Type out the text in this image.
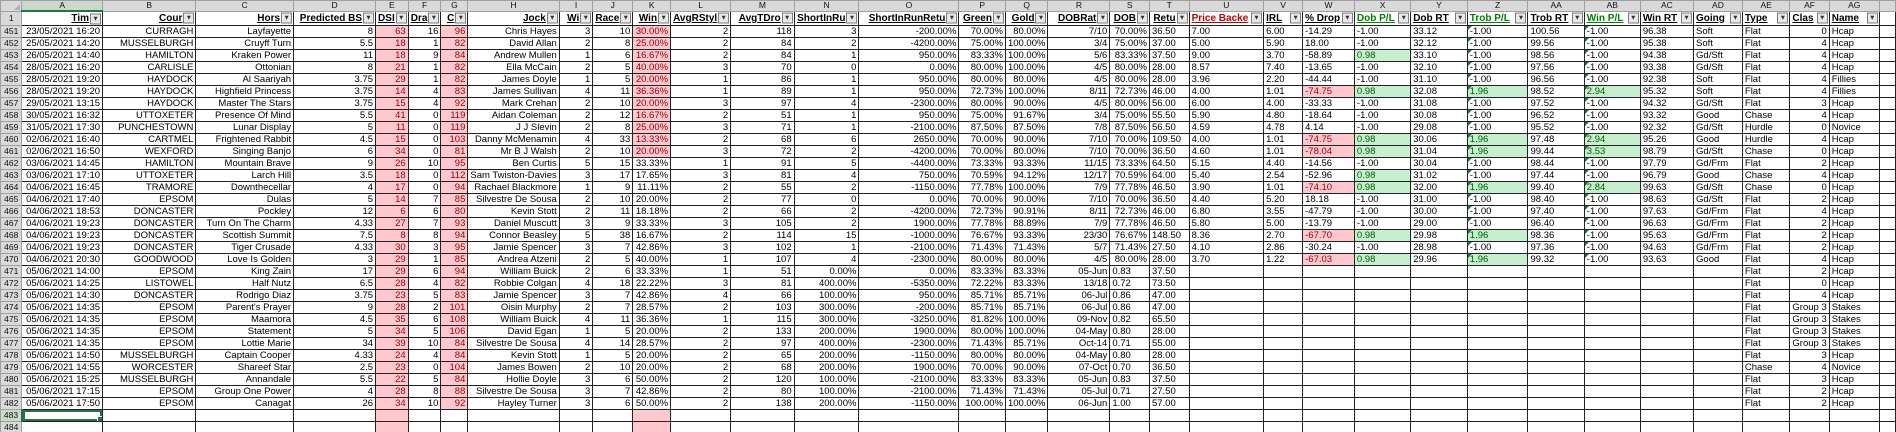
	A	B	C	D	E	F	G	H	I	J	K	L	M	N	O	P	Q	R	S	T	U	V	W	X	Y	Z	AA	AB	AC	AD	AE	AF	AG	
1	Tim ▾	Cour ▾	Hors ▾	Predicted BS ▾	DSI ▾	Dra ▾	C ▾	Jock ▾	Wi ▾	Race ▾	Win ▾	AvgRStyl ▾	AvgTDro ▾	ShortInRu ▾	ShortInRunRetu ▾	Green ▾	Gold ▾	DOBRat ▾	DOB ▾	Retu ▾	Price Backe ▾	IRL ▾	% Drop ▾	Dob P/L ▾	Dob RT ▾	Trob P/L ▾	Trob RT ▾	Win P/L ▾	Win RT ▾	Going ▾	Type ▾	Clas ▾	Name ▾	

451	23/05/2021 16:20	CURRAGH	Layfayette	8	63	16	96	Chris Hayes	3	10	30.00%	2	118	3	-200.00%	70.00%	80.00%	7/10	70.00%	36.50	7.00	6.00	-14.29	-1.00	33.12	-1.00	100.56	-1.00	96.38	Soft	Flat	0	Hcap	
452	25/05/2021 14:20	MUSSELBURGH	Cruyff Turn	5.5	18	1	82	David Allan	2	8	25.00%	2	84	2	-4200.00%	75.00%	100.00%	3/4	75.00%	37.00	5.00	5.90	18.00	-1.00	32.12	-1.00	99.56	-1.00	95.38	Soft	Flat	4	Hcap	
453	26/05/2021 14:40	HAMILTON	Kraken Power	11	18	9	84	Andrew Mullen	1	6	16.67%	2	84	1	950.00%	83.33%	100.00%	5/6	83.33%	37.50	9.00	3.70	-58.89	0.98	33.10	-1.00	98.56	-1.00	94.38	Gd/Sft	Flat	4	Hcap	
454	28/05/2021 16:20	CARLISLE	Ottonian	8	21	1	82	Ella McCain	2	5	40.00%	3	70	0	0.00%	80.00%	100.00%	4/5	80.00%	28.00	8.57	7.40	-13.65	-1.00	32.10	-1.00	97.56	-1.00	93.38	Gd/Sft	Flat	4	Hcap	
455	28/05/2021 19:20	HAYDOCK	Al Saariyah	3.75	29	1	82	James Doyle	1	5	20.00%	1	86	1	950.00%	80.00%	80.00%	4/5	80.00%	28.00	3.96	2.20	-44.44	-1.00	31.10	-1.00	96.56	-1.00	92.38	Soft	Flat	4	Fillies	
456	28/05/2021 19:20	HAYDOCK	Highfield Princess	3.75	14	4	83	James Sullivan	4	11	36.36%	1	89	1	950.00%	72.73%	100.00%	8/11	72.73%	46.00	4.00	1.01	-74.75	0.98	32.08	1.96	98.52	2.94	95.32	Soft	Flat	4	Fillies	
457	29/05/2021 13:15	HAYDOCK	Master The Stars	3.75	15	4	92	Mark Crehan	2	10	20.00%	3	97	4	-2300.00%	80.00%	90.00%	4/5	80.00%	56.00	6.00	4.00	-33.33	-1.00	31.08	-1.00	97.52	-1.00	94.32	Gd/Sft	Flat	3	Hcap	
458	30/05/2021 16:32	UTTOXETER	Presence Of Mind	5.5	41	0	119	Aidan Coleman	2	12	16.67%	2	51	1	950.00%	75.00%	91.67%	3/4	75.00%	55.50	5.90	4.80	-18.64	-1.00	30.08	-1.00	96.52	-1.00	93.32	Good	Chase	4	Hcap	
459	31/05/2021 17:30	PUNCHESTOWN	Lunar Display	5	11	0	119	J J Slevin	2	8	25.00%	3	71	1	-2100.00%	87.50%	87.50%	7/8	87.50%	56.50	4.59	4.78	4.14	-1.00	29.08	-1.00	95.52	-1.00	92.32	Gd/Sft	Hurdle	0	Novice	
460	02/06/2021 16:40	CARTMEL	Frightened Rabbit	4.5	15	0	103	Danny McMenamin	4	33	13.33%	2	68	6	2650.00%	70.00%	90.00%	7/10	70.00%	109.50	4.00	1.01	-74.75	0.98	30.06	1.96	97.48	2.94	95.26	Good	Hurdle	4	Hcap	
461	02/06/2021 16:50	WEXFORD	Singing Banjo	6	34	0	81	Mr B J Walsh	2	10	20.00%	3	72	2	-4200.00%	70.00%	80.00%	7/10	70.00%	36.50	4.60	1.01	-78.04	0.98	31.04	1.96	99.44	3.53	98.79	Gd/Sft	Chase	0	Hcap	
462	03/06/2021 14:45	HAMILTON	Mountain Brave	9	26	10	95	Ben Curtis	5	15	33.33%	1	91	5	-4400.00%	73.33%	93.33%	11/15	73.33%	64.50	5.15	4.40	-14.56	-1.00	30.04	-1.00	98.44	-1.00	97.79	Gd/Frm	Flat	2	Hcap	
463	03/06/2021 17:10	UTTOXETER	Larch Hill	3.5	18	0	112	Sam Twiston-Davies	3	17	17.65%	3	81	4	750.00%	70.59%	94.12%	12/17	70.59%	64.00	5.40	2.54	-52.96	0.98	31.02	-1.00	97.44	-1.00	96.79	Good	Chase	4	Hcap	
464	04/06/2021 16:45	TRAMORE	Downthecellar	4	17	0	94	Rachael Blackmore	1	9	11.11%	2	55	2	-1150.00%	77.78%	100.00%	7/9	77.78%	46.50	3.90	1.01	-74.10	0.98	32.00	1.96	99.40	2.84	99.63	Gd/Sft	Chase	0	Hcap	
465	04/06/2021 17:40	EPSOM	Dulas	5	14	7	85	Silvestre De Sousa	2	10	20.00%	2	77	0	0.00%	70.00%	90.00%	7/10	70.00%	36.50	4.40	5.20	18.18	-1.00	31.00	-1.00	98.40	-1.00	98.63	Gd/Sft	Flat	2	Hcap	
466	04/06/2021 18:53	DONCASTER	Pockley	12	6	6	80	Kevin Stott	2	11	18.18%	2	66	2	-4200.00%	72.73%	90.91%	8/11	72.73%	46.00	6.80	3.55	-47.79	-1.00	30.00	-1.00	97.40	-1.00	97.63	Gd/Frm	Flat	4	Hcap	
467	04/06/2021 19:23	DONCASTER	Turn On The Charm	4.33	27	7	93	Daniel Muscutt	3	9	33.33%	3	105	2	1900.00%	77.78%	88.89%	7/9	77.78%	46.50	5.80	5.00	-13.79	-1.00	29.00	-1.00	96.40	-1.00	96.63	Gd/Frm	Flat	2	Hcap	
468	04/06/2021 19:23	DONCASTER	Scottish Summit	7.5	8	8	94	Connor Beasley	5	38	16.67%	2	114	15	-1000.00%	76.67%	93.33%	23/30	76.67%	148.50	8.36	2.70	-67.70	0.98	29.98	1.96	98.36	-1.00	95.63	Gd/Frm	Flat	2	Hcap	
469	04/06/2021 19:23	DONCASTER	Tiger Crusade	4.33	30	3	95	Jamie Spencer	3	7	42.86%	3	102	1	-2100.00%	71.43%	71.43%	5/7	71.43%	27.50	4.10	2.86	-30.24	-1.00	28.98	-1.00	97.36	-1.00	94.63	Gd/Frm	Flat	2	Hcap	
470	04/06/2021 20:30	GOODWOOD	Love Is Golden	3	29	1	85	Andrea Atzeni	2	5	40.00%	1	107	4	-2300.00%	80.00%	80.00%	4/5	80.00%	28.00	3.70	1.22	-67.03	0.98	29.96	1.96	99.32	-1.00	93.63	Good	Flat	4	Hcap	
471	05/06/2021 14:00	EPSOM	King Zain	17	29	6	94	William Buick	2	6	33.33%	1	51	0.00%	0.00%	83.33%	83.33%	05-Jun	0.83	37.50											Flat	2	Hcap	
472	05/06/2021 14:25	LISTOWEL	Half Nutz	6.5	28	4	82	Robbie Colgan	4	18	22.22%	3	81	400.00%	-5350.00%	72.22%	83.33%	13/18	0.72	73.50											Flat	0	Hcap	
473	05/06/2021 14:30	DONCASTER	Rodrigo Diaz	3.75	23	5	83	Jamie Spencer	3	7	42.86%	4	66	100.00%	950.00%	85.71%	85.71%	06-Jul	0.86	47.00											Flat	4	Hcap	
474	05/06/2021 14:35	EPSOM	Parent's Prayer	9	28	2	101	Oisin Murphy	2	7	28.57%	2	103	300.00%	-200.00%	85.71%	85.71%	06-Jul	0.86	47.00											Flat	Group 3	Stakes	
475	05/06/2021 14:35	EPSOM	Maamora	4.5	35	6	108	William Buick	4	11	36.36%	1	115	300.00%	-3250.00%	81.82%	100.00%	09-Nov	0.82	65.50											Flat	Group 3	Stakes	
476	05/06/2021 14:35	EPSOM	Statement	5	34	5	106	David Egan	1	5	20.00%	2	133	200.00%	1900.00%	80.00%	100.00%	04-May	0.80	28.00											Flat	Group 3	Stakes	
477	05/06/2021 14:35	EPSOM	Lottie Marie	34	39	10	84	Silvestre De Sousa	4	14	28.57%	2	97	400.00%	-2300.00%	71.43%	85.71%	Oct-14	0.71	55.00											Flat	Group 3	Stakes	
478	05/06/2021 14:50	MUSSELBURGH	Captain Cooper	4.33	24	4	84	Kevin Stott	1	5	20.00%	2	65	200.00%	-1150.00%	80.00%	80.00%	04-May	0.80	28.00											Flat	3	Hcap	
479	05/06/2021 14:55	WORCESTER	Shareef Star	2.5	23	0	104	James Bowen	2	10	20.00%	2	68	200.00%	1900.00%	70.00%	90.00%	07-Oct	0.70	36.50											Chase	4	Novice	
480	05/06/2021 15:25	MUSSELBURGH	Annandale	5.5	22	5	84	Hollie Doyle	3	6	50.00%	2	120	100.00%	-2100.00%	83.33%	83.33%	05-Jun	0.83	37.50											Flat	3	Hcap	
481	05/06/2021 17:15	EPSOM	Group One Power	4	28	8	88	Silvestre De Sousa	3	7	42.86%	2	80	100.00%	-2100.00%	71.43%	71.43%	05-Jul	0.71	27.50											Flat	2	Hcap	
482	05/06/2021 17:50	EPSOM	Canagat	26	34	10	92	Hayley Turner	3	6	50.00%	2	138	200.00%	-1150.00%	100.00%	100.00%	06-Jun	1.00	57.00											Flat	2	Hcap	
483																																		
484																																		
